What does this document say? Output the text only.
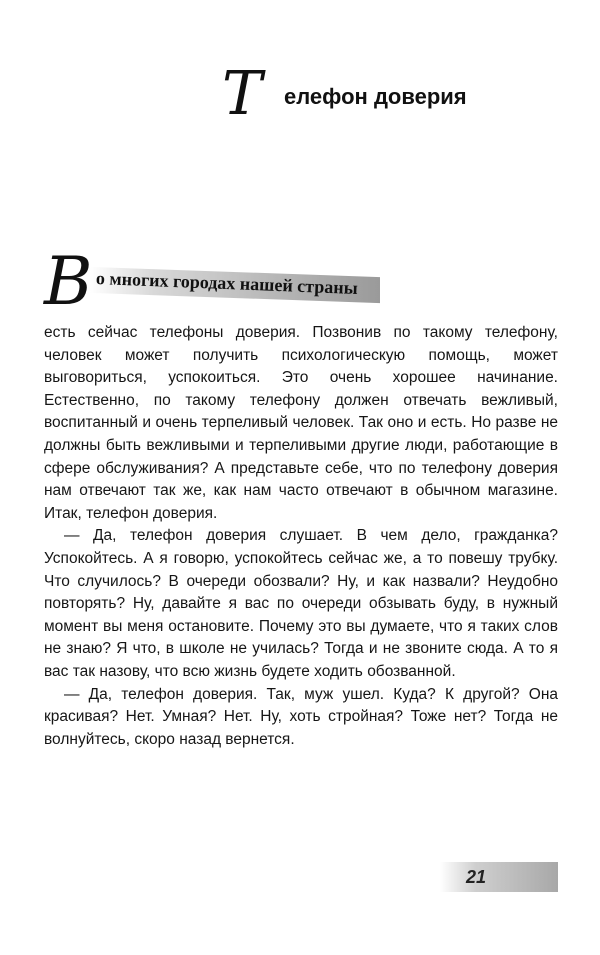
Т елефон доверия
В о многих городах нашей страны

есть сейчас телефоны доверия. Позвонив по такому телефону, человек может получить психологическую помощь, может выговориться, успокоиться. Это очень хорошее начинание. Естественно, по такому телефону должен отвечать вежливый, воспитанный и очень терпеливый человек. Так оно и есть. Но разве не должны быть вежливыми и терпеливыми другие люди, работающие в сфере обслуживания? А представьте себе, что по телефону доверия нам отвечают так же, как нам часто отвечают в обычном магазине. Итак, телефон доверия.

— Да, телефон доверия слушает. В чем дело, гражданка? Успокойтесь. А я говорю, успокойтесь сейчас же, а то повешу трубку. Что случилось? В очереди обозвали? Ну, и как назвали? Неудобно повторять? Ну, давайте я вас по очереди обзывать буду, в нужный момент вы меня остановите. Почему это вы думаете, что я таких слов не знаю? Я что, в школе не училась? Тогда и не звоните сюда. А то я вас так назову, что всю жизнь будете ходить обозванной.

— Да, телефон доверия. Так, муж ушел. Куда? К другой? Она красивая? Нет. Умная? Нет. Ну, хоть стройная? Тоже нет? Тогда не волнуйтесь, скоро назад вернется.

21
